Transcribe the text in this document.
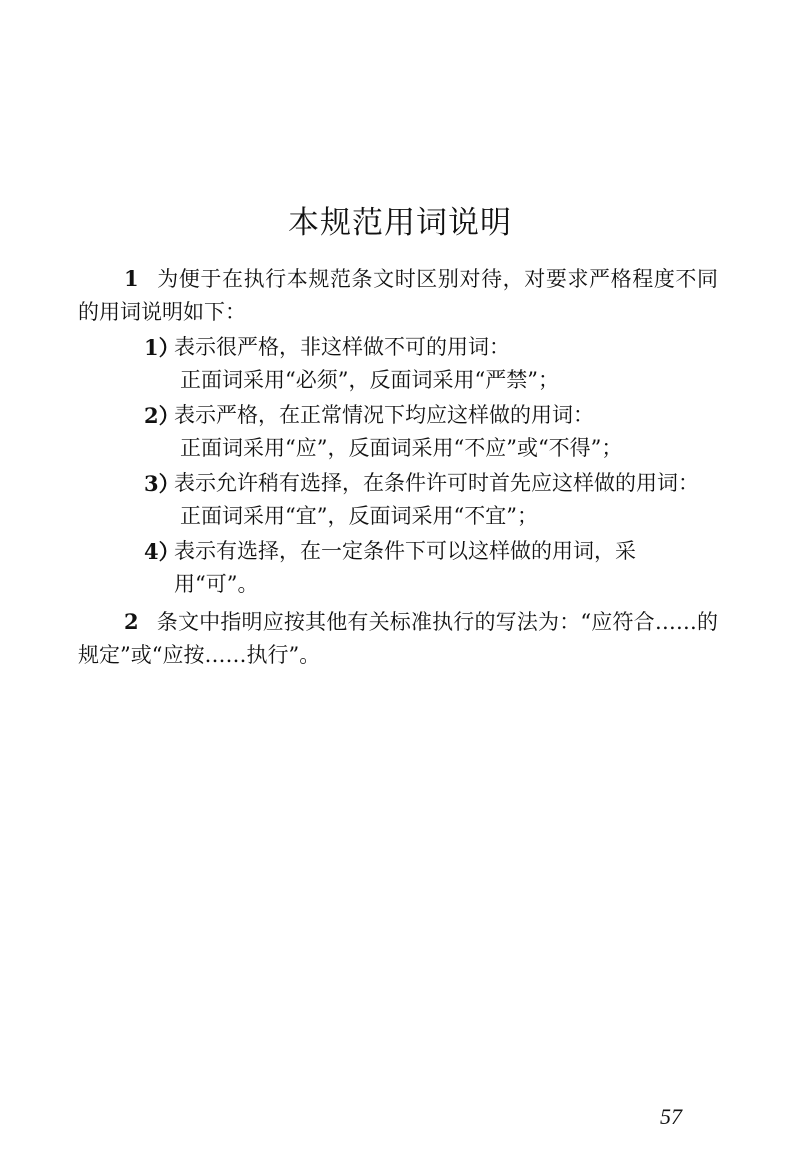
本规范用词说明

1 为便于在执行本规范条文时区别对待，对要求严格程度不同的用词说明如下：

1）
表示很严格，非这样做不可的用词：
正面词采用“必须”，反面词采用“严禁”；
2）
表示严格，在正常情况下均应这样做的用词：
正面词采用“应”，反面词采用“不应”或“不得”；
3）
表示允许稍有选择，在条件许可时首先应这样做的用词：
正面词采用“宜”，反面词采用“不宜”；
4）
表示有选择，在一定条件下可以这样做的用词，采用“可”。

2 条文中指明应按其他有关标准执行的写法为：“应符合……的规定”或“应按……执行”。

57
